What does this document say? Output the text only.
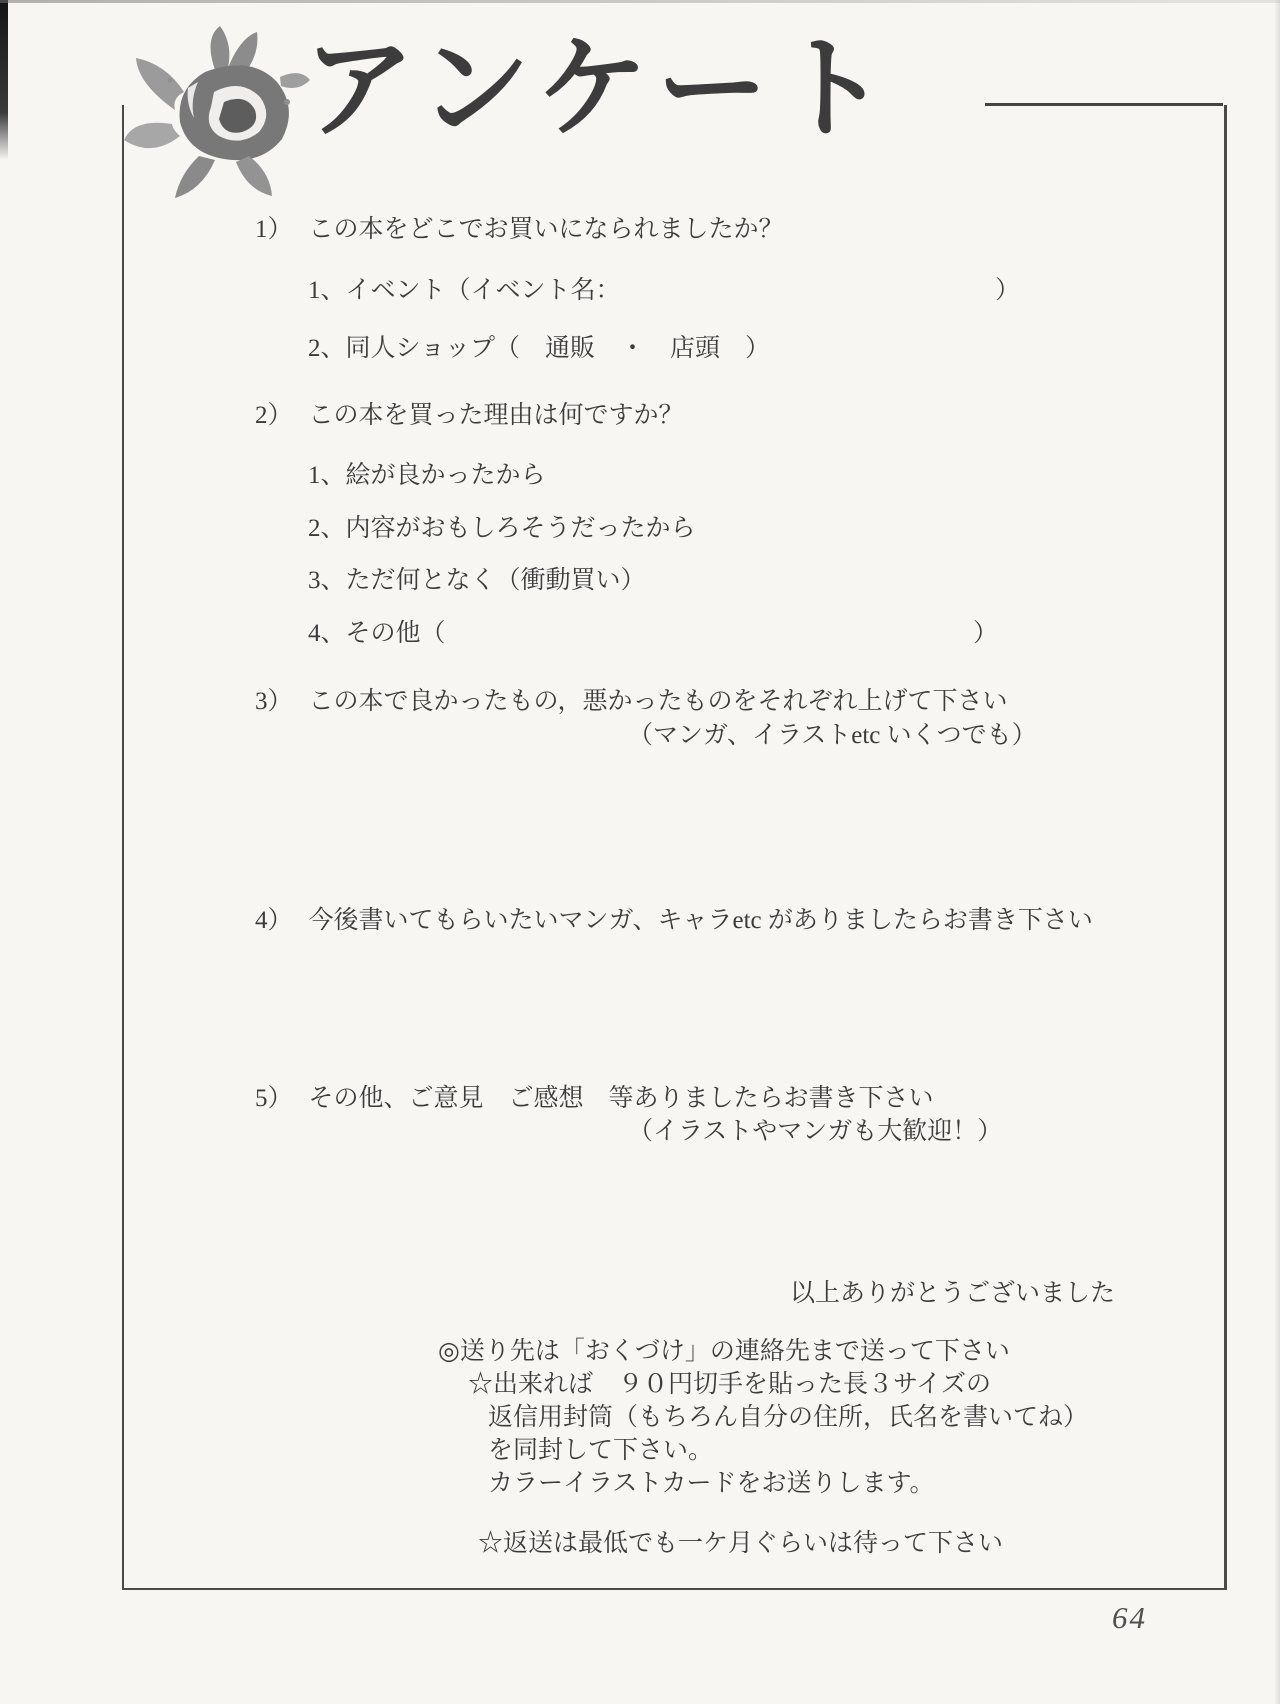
アンケート
1） この本をどこでお買いになられましたか？
1、イベント（イベント名：	）
2、同人ショップ（　通販　・　店頭　）
2） この本を買った理由は何ですか？
1、絵が良かったから
2、内容がおもしろそうだったから
3、ただ何となく（衝動買い）
4、その他（	）
3） この本で良かったもの，悪かったものをそれぞれ上げて下さい
（マンガ、イラストetc いくつでも）
4） 今後書いてもらいたいマンガ、キャラetc がありましたらお書き下さい
5） その他、ご意見　ご感想　等ありましたらお書き下さい
（イラストやマンガも大歓迎！）
以上ありがとうございました
◎送り先は「おくづけ」の連絡先まで送って下さい
☆出来れば　９０円切手を貼った長３サイズの
返信用封筒（もちろん自分の住所，氏名を書いてね）
を同封して下さい。
カラーイラストカードをお送りします。
☆返送は最低でも一ケ月ぐらいは待って下さい
64
